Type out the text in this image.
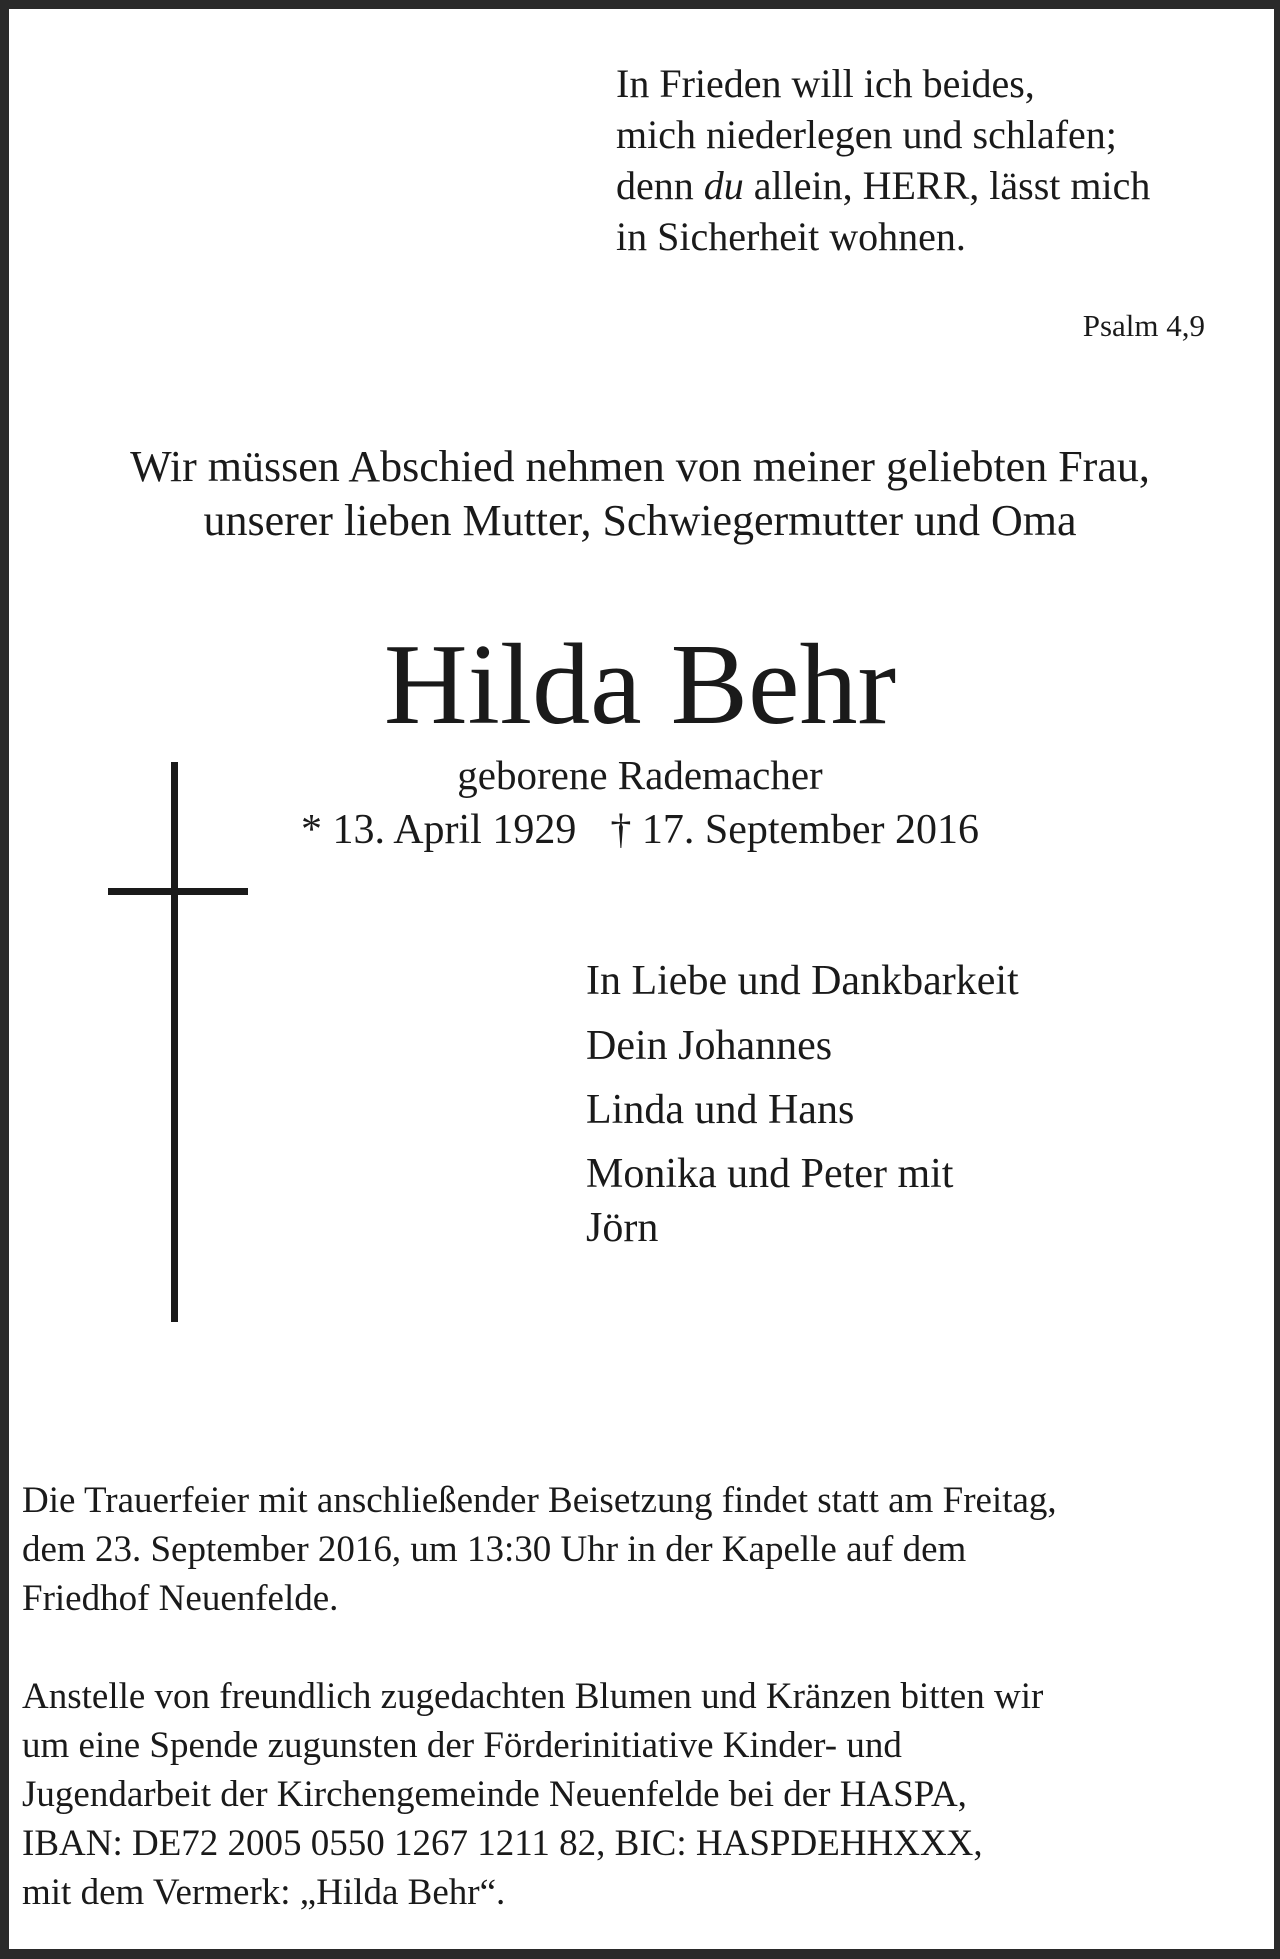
In Frieden will ich beides,
mich niederlegen und schlafen;
denn du allein, HERR, lässt mich
in Sicherheit wohnen.
Psalm 4,9
Wir müssen Abschied nehmen von meiner geliebten Frau,
unserer lieben Mutter, Schwiegermutter und Oma
Hilda Behr
geborene Rademacher
* 13. April 1929 † 17. September 2016
In Liebe und Dankbarkeit
Dein Johannes
Linda und Hans
Monika und Peter mit
Jörn
Die Trauerfeier mit anschließender Beisetzung findet statt am Freitag,
dem 23. September 2016, um 13:30 Uhr in der Kapelle auf dem
Friedhof Neuenfelde.
Anstelle von freundlich zugedachten Blumen und Kränzen bitten wir
um eine Spende zugunsten der Förderinitiative Kinder- und
Jugendarbeit der Kirchengemeinde Neuenfelde bei der HASPA,
IBAN: DE72 2005 0550 1267 1211 82, BIC: HASPDEHHXXX,
mit dem Vermerk: „Hilda Behr“.
